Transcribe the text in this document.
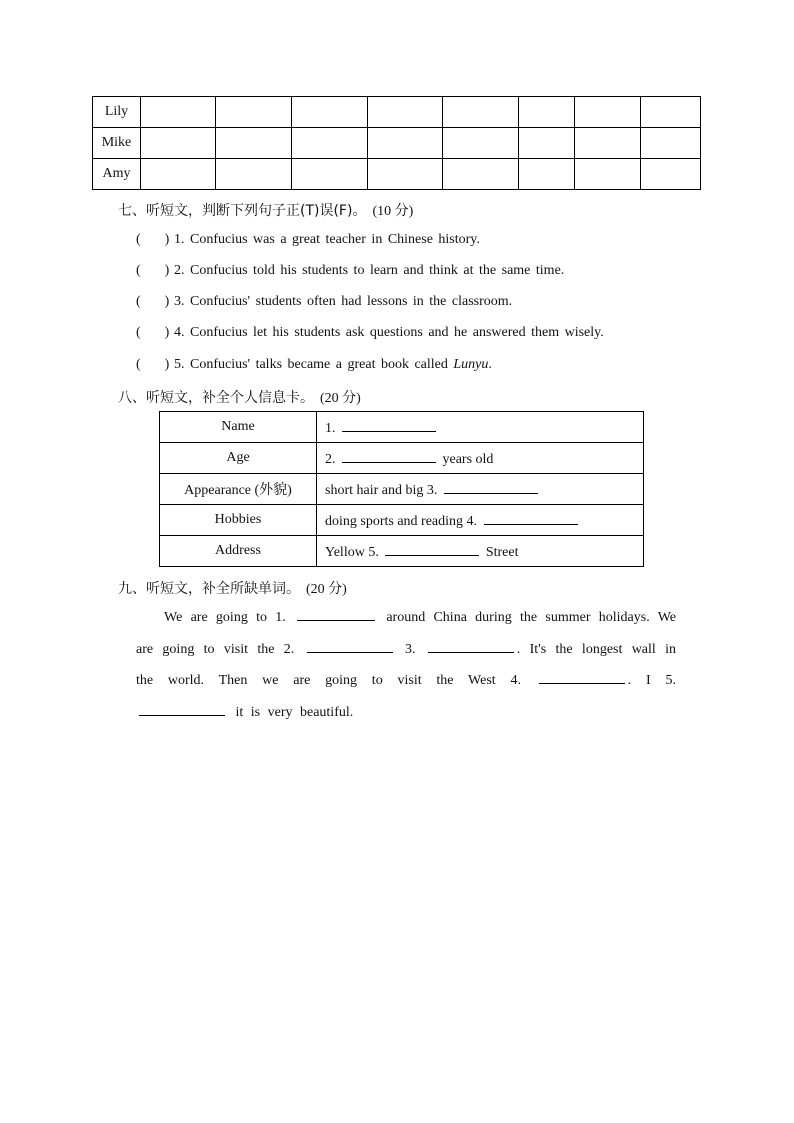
Lily								
Mike								
Amy								
七、听短文，判断下列句子正(T)误(F)。 (10 分)
( ) 1. Confucius was a great teacher in Chinese history.
( ) 2. Confucius told his students to learn and think at the same time.
( ) 3. Confucius' students often had lessons in the classroom.
( ) 4. Confucius let his students ask questions and he answered them wisely.
( ) 5. Confucius' talks became a great book called Lunyu.
八、听短文，补全个人信息卡。 (20 分)
Name	1.
Age	2. years old
Appearance (外貌)	short hair and big 3.
Hobbies	doing sports and reading 4.
Address	Yellow 5. Street
九、听短文，补全所缺单词。 (20 分)
We are going to 1.	around China during the summer holidays. We are going to visit the 2.	3.	. It's the longest wall in the world. Then we are going to visit the West 4.	. I 5.  it is very beautiful.
